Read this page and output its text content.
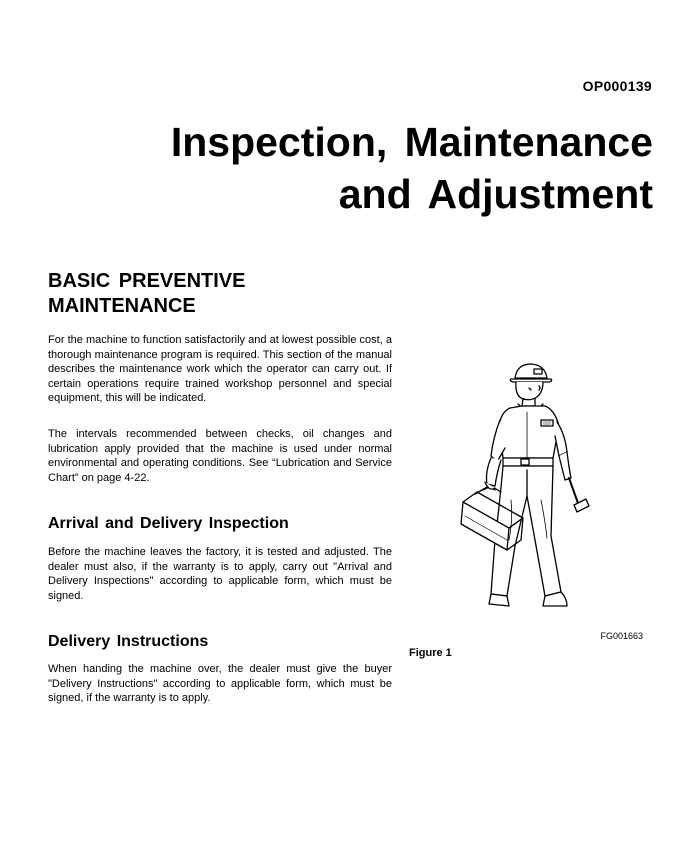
OP000139
Inspection, Maintenance
and Adjustment
BASIC PREVENTIVE
MAINTENANCE

For the machine to function satisfactorily and at lowest possible cost, a thorough maintenance program is required. This section of the manual describes the maintenance work which the operator can carry out. If certain operations require trained workshop personnel and special equipment, this will be indicated.

The intervals recommended between checks, oil changes and lubrication apply provided that the machine is used under normal environmental and operating conditions. See “Lubrication and Service Chart” on page 4-22.

Arrival and Delivery Inspection

Before the machine leaves the factory, it is tested and adjusted. The dealer must also, if the warranty is to apply, carry out "Arrival and Delivery Inspections" according to applicable form, which must be signed.

Delivery Instructions

When handing the machine over, the dealer must give the buyer "Delivery Instructions" according to applicable form, which must be signed, if the warranty is to apply.

FG001663
Figure 1
